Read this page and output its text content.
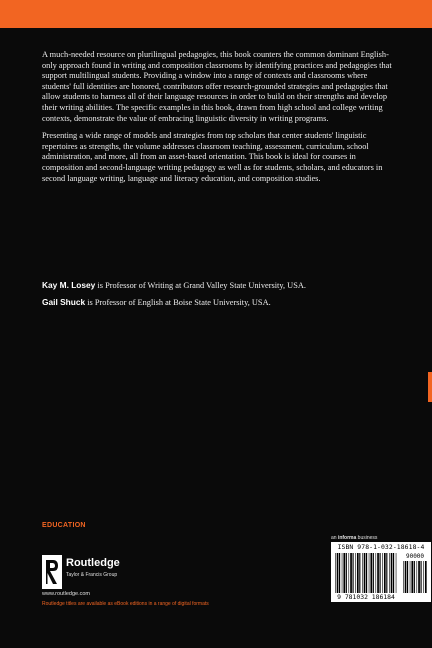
A much-needed resource on plurilingual pedagogies, this book counters the common dominant English-only approach found in writing and composition classrooms by identifying practices and pedagogies that support multilingual students. Providing a window into a range of contexts and classrooms where students' full identities are honored, contributors offer research-grounded strategies and pedagogies that allow students to harness all of their language resources in order to build on their strengths and develop their writing abilities. The specific examples in this book, drawn from high school and college writing contexts, demonstrate the value of embracing linguistic diversity in writing programs.

Presenting a wide range of models and strategies from top scholars that center students' linguistic repertoires as strengths, the volume addresses classroom teaching, assessment, curriculum, school administration, and more, all from an asset-based orientation. This book is ideal for courses in composition and second-language writing pedagogy as well as for students, scholars, and educators in second language writing, language and literacy education, and composition studies.

Kay M. Losey is Professor of Writing at Grand Valley State University, USA.

Gail Shuck is Professor of English at Boise State University, USA.

EDUCATION
an informa business
Routledge
Taylor & Francis Group
www.routledge.com
Routledge titles are available as eBook editions in a range of digital formats
ISBN 978-1-032-18618-4
90000
9 781032 186184
